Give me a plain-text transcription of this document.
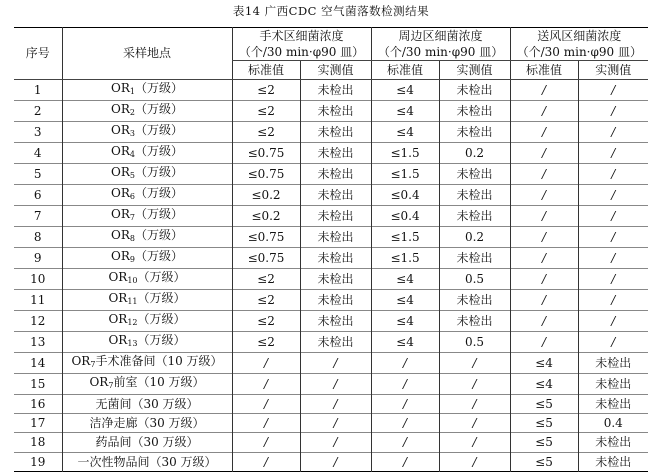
表14 广西CDC 空气菌落数检测结果
序号	采样地点	手术区细菌浓度		周边区细菌浓度		送风区细菌浓度	
		（个/30 min·φ90 皿）		（个/30 min·φ90 皿）		（个/30 min·φ90 皿）	
		标准值	实测值	标准值	实测值	标准值	实测值
1	$OR_1$（万级）	≤2	未检出	≤4	未检出	/	/
2	$OR_2$（万级）	≤2	未检出	≤4	未检出	/	/
3	$OR_3$（万级）	≤2	未检出	≤4	未检出	/	/
4	$OR_4$（万级）	≤0.75	未检出	≤1.5	0.2	/	/
5	$OR_5$（万级）	≤0.75	未检出	≤1.5	未检出	/	/
6	$OR_6$（万级）	≤0.2	未检出	≤0.4	未检出	/	/
7	$OR_7$（万级）	≤0.2	未检出	≤0.4	未检出	/	/
8	$OR_8$（万级）	≤0.75	未检出	≤1.5	0.2	/	/
9	$OR_9$（万级）	≤0.75	未检出	≤1.5	未检出	/	/
10	$OR_{10}$（万级）	≤2	未检出	≤4	0.5	/	/
11	$OR_{11}$（万级）	≤2	未检出	≤4	未检出	/	/
12	$OR_{12}$（万级）	≤2	未检出	≤4	未检出	/	/
13	$OR_{13}$（万级）	≤2	未检出	≤4	0.5	/	/
14	$OR_7$手术准备间（10 万级）	/	/	/	/	≤4	未检出
15	$OR_7$前室（10 万级）	/	/	/	/	≤4	未检出
16	无菌间（30 万级）	/	/	/	/	≤5	未检出
17	洁净走廊（30 万级）	/	/	/	/	≤5	0.4
18	药品间（30 万级）	/	/	/	/	≤5	未检出
19	一次性物品间（30 万级）	/	/	/	/	≤5	未检出
